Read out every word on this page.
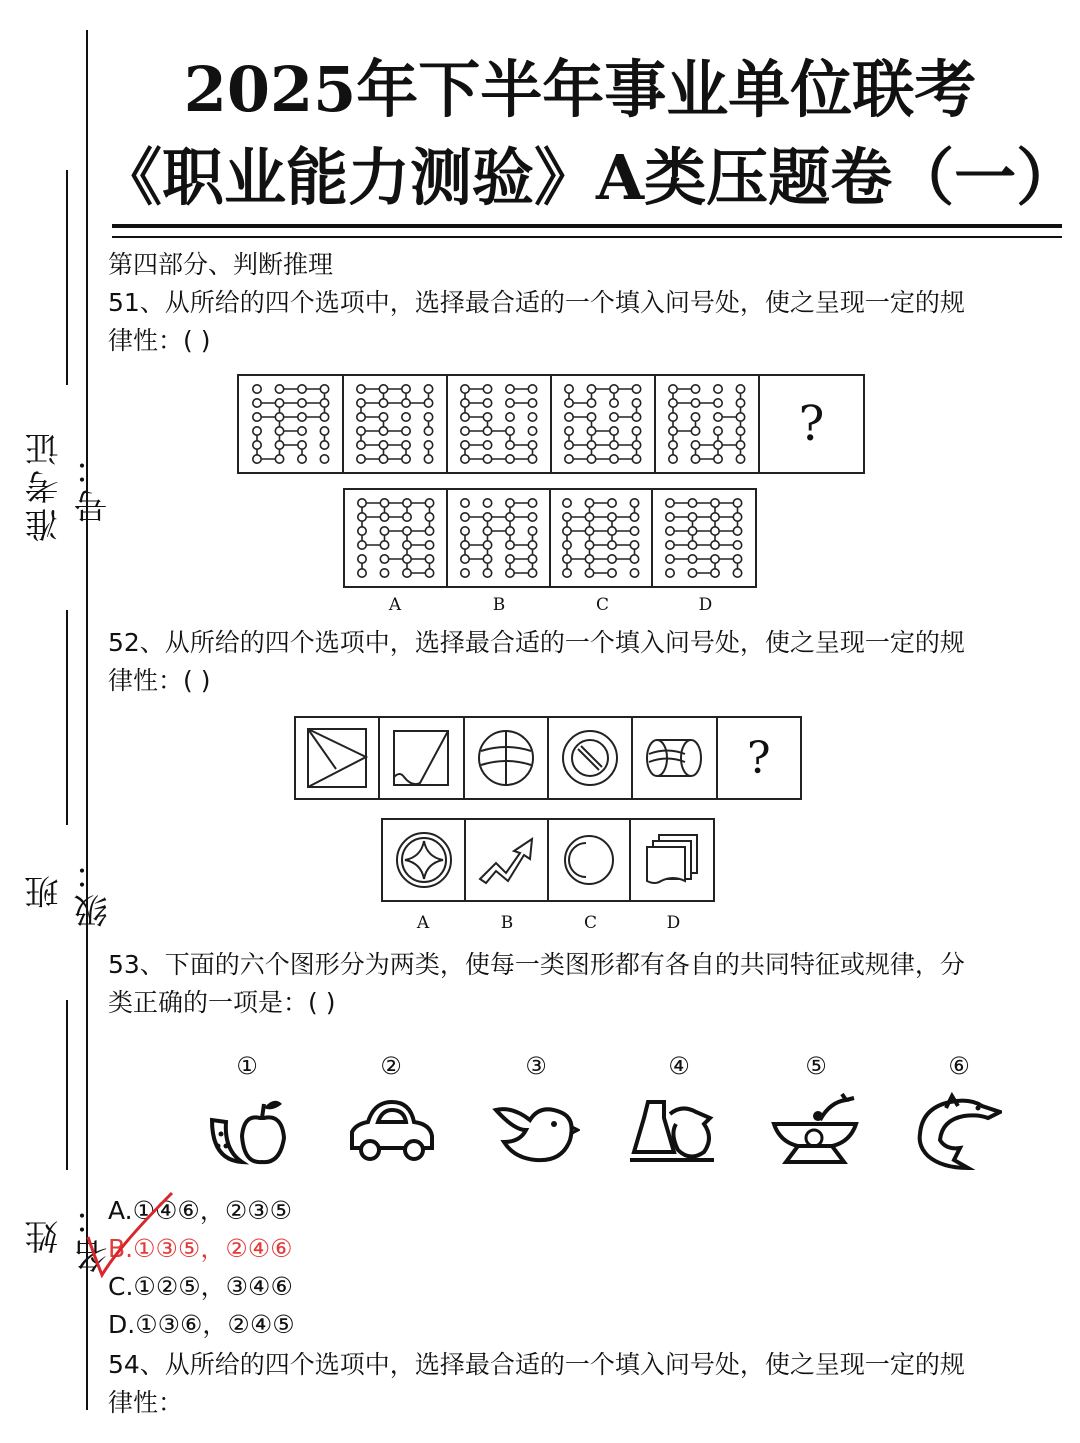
准考证号：
班级：
姓名：
2025年下半年事业单位联考
《职业能力测验》A类压题卷（一）
第四部分、判断推理
51、从所给的四个选项中，选择最合适的一个填入问号处，使之呈现一定的规
律性：( )
?
A	B	C	D
52、从所给的四个选项中，选择最合适的一个填入问号处，使之呈现一定的规
律性：( )
?
A	B	C	D
53、下面的六个图形分为两类，使每一类图形都有各自的共同特征或规律，分
类正确的一项是：( )
①	②	③	④	⑤	⑥
A.①④⑥，②③⑤
B.①③⑤，②④⑥
C.①②⑤，③④⑥
D.①③⑥，②④⑤
54、从所给的四个选项中，选择最合适的一个填入问号处，使之呈现一定的规
律性：
